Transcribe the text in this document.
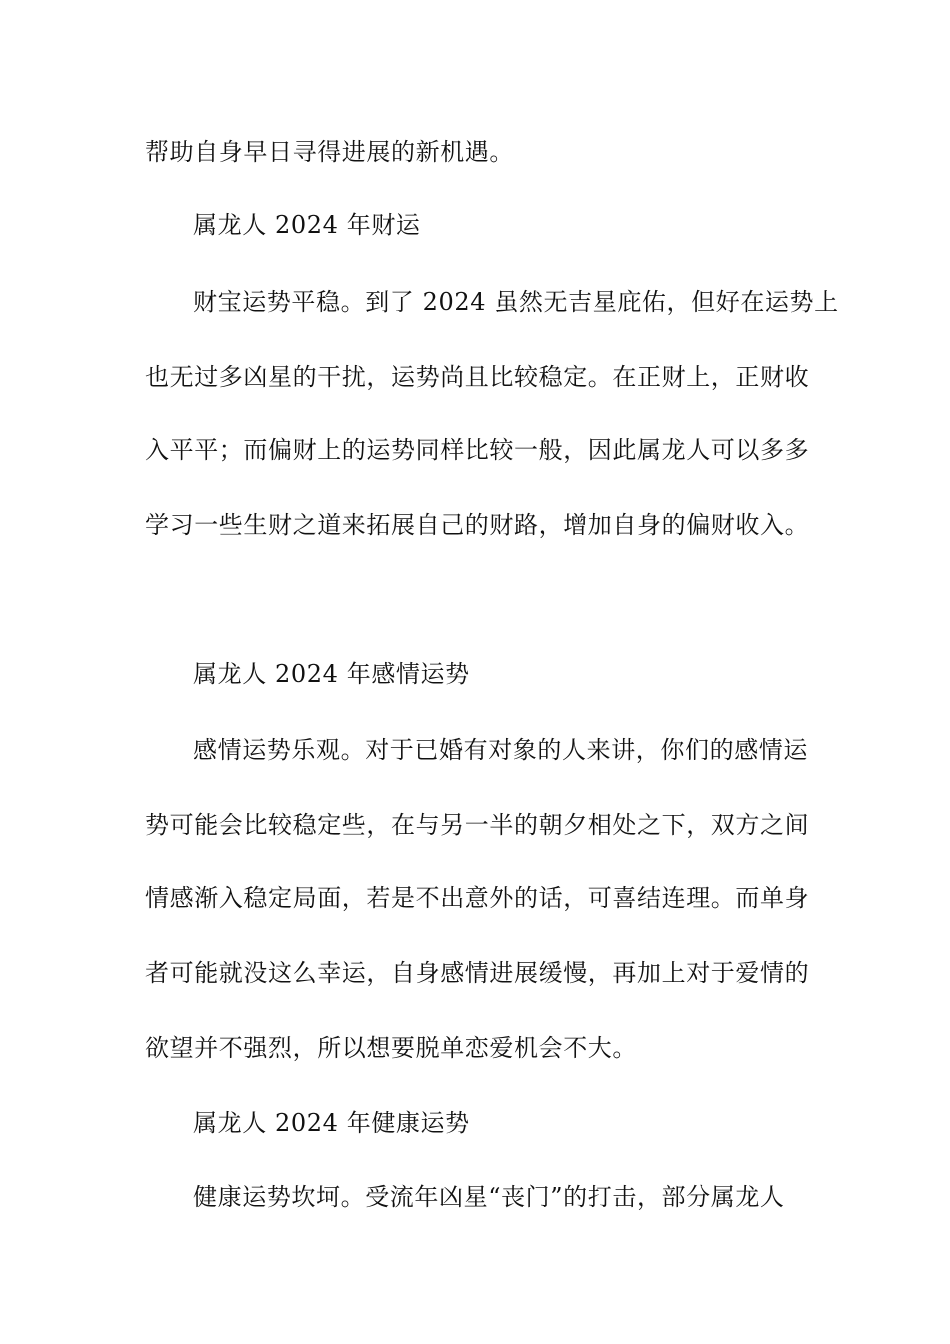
帮助自身早日寻得进展的新机遇。
属龙人 2024 年财运
财宝运势平稳。到了 2024 虽然无吉星庇佑，但好在运势上
也无过多凶星的干扰，运势尚且比较稳定。在正财上，正财收
入平平；而偏财上的运势同样比较一般，因此属龙人可以多多
学习一些生财之道来拓展自己的财路，增加自身的偏财收入。
属龙人 2024 年感情运势
感情运势乐观。对于已婚有对象的人来讲，你们的感情运
势可能会比较稳定些，在与另一半的朝夕相处之下，双方之间
情感渐入稳定局面，若是不出意外的话，可喜结连理。而单身
者可能就没这么幸运，自身感情进展缓慢，再加上对于爱情的
欲望并不强烈，所以想要脱单恋爱机会不大。
属龙人 2024 年健康运势
健康运势坎坷。受流年凶星“丧门”的打击，部分属龙人
